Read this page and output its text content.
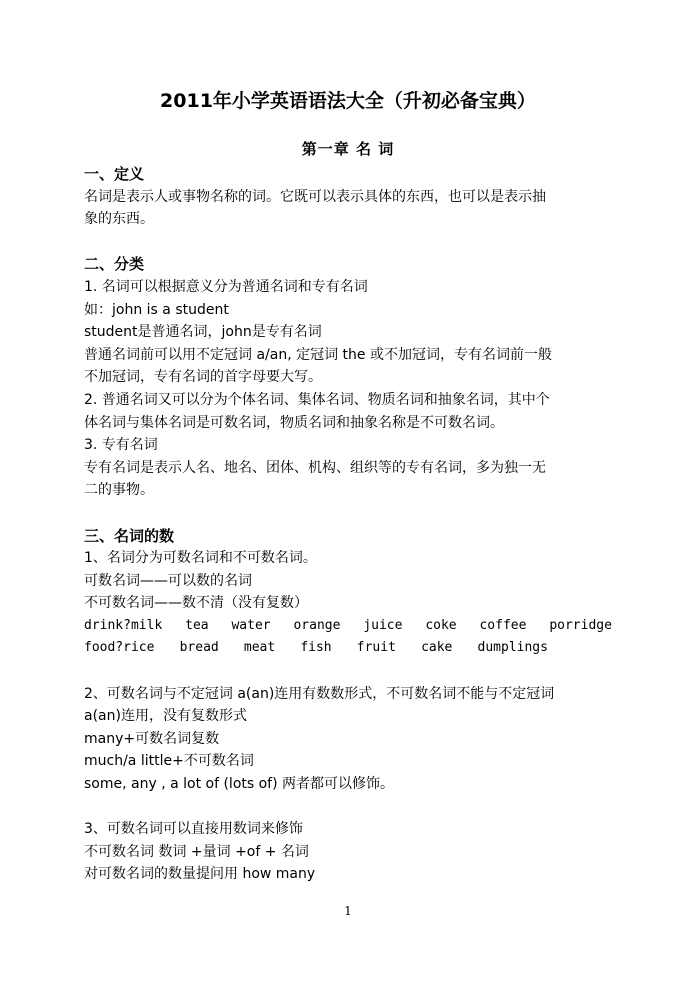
2011年小学英语语法大全（升初必备宝典）
第一章 名 词
一、定义
名词是表示人或事物名称的词。它既可以表示具体的东西，也可以是表示抽
象的东西。
二、分类
1. 名词可以根据意义分为普通名词和专有名词
如：john is a student
student是普通名词，john是专有名词
普通名词前可以用不定冠词 a/an, 定冠词 the 或不加冠词，专有名词前一般
不加冠词，专有名词的首字母要大写。
2. 普通名词又可以分为个体名词、集体名词、物质名词和抽象名词，其中个
体名词与集体名词是可数名词，物质名词和抽象名称是不可数名词。
3. 专有名词
专有名词是表示人名、地名、团体、机构、组织等的专有名词，多为独一无
二的事物。
三、名词的数
1、名词分为可数名词和不可数名词。
可数名词——可以数的名词
不可数名词——数不清（没有复数）
drink?milk tea water orange juice coke coffee porridge
food?rice bread meat fish fruit cake dumplings
2、可数名词与不定冠词 a(an)连用有数数形式，不可数名词不能与不定冠词
a(an)连用，没有复数形式
many+可数名词复数
much/a little+不可数名词
some, any , a lot of (lots of) 两者都可以修饰。
3、可数名词可以直接用数词来修饰
不可数名词 数词 +量词 +of + 名词
对可数名词的数量提问用 how many
1
